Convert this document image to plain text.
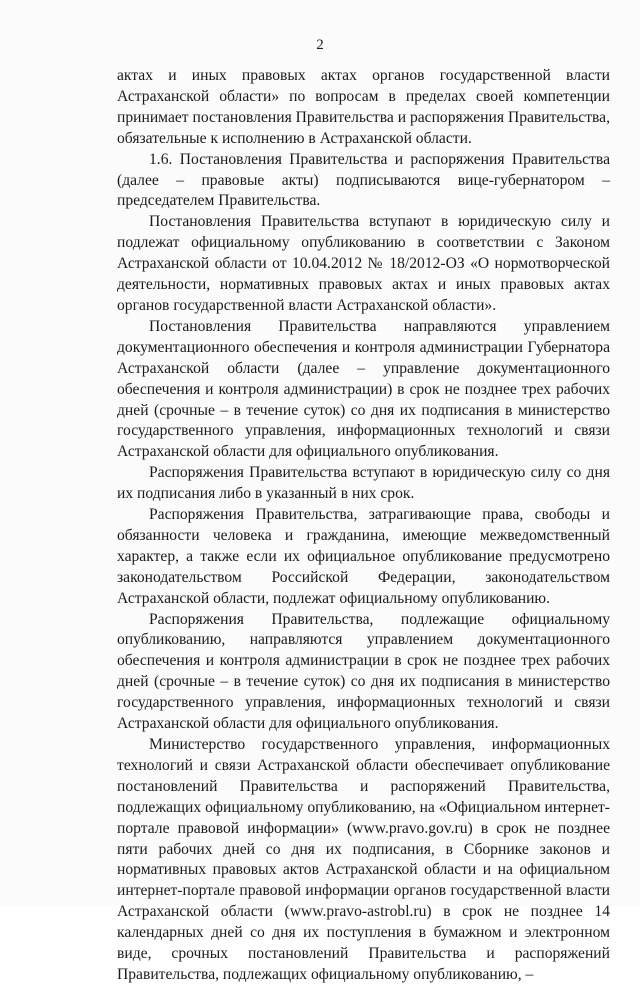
2

актах и иных правовых актах органов государственной власти Астраханской области» по вопросам в пределах своей компетенции принимает постановления Правительства и распоряжения Правительства, обязательные к исполнению в Астраханской области.

1.6. Постановления Правительства и распоряжения Правительства (далее – правовые акты) подписываются вице-губернатором – председателем Правительства.

Постановления Правительства вступают в юридическую силу и подлежат официальному опубликованию в соответствии с Законом Астраханской области от 10.04.2012 № 18/2012-ОЗ «О нормотворческой деятельности, нормативных правовых актах и иных правовых актах органов государственной власти Астраханской области».

Постановления Правительства направляются управлением документационного обеспечения и контроля администрации Губернатора Астраханской области (далее – управление документационного обеспечения и контроля администрации) в срок не позднее трех рабочих дней (срочные – в течение суток) со дня их подписания в министерство государственного управления, информационных технологий и связи Астраханской области для официального опубликования.

Распоряжения Правительства вступают в юридическую силу со дня их подписания либо в указанный в них срок.

Распоряжения Правительства, затрагивающие права, свободы и обязанности человека и гражданина, имеющие межведомственный характер, а также если их официальное опубликование предусмотрено законодательством Российской Федерации, законодательством Астраханской области, подлежат официальному опубликованию.

Распоряжения Правительства, подлежащие официальному опубликованию, направляются управлением документационного обеспечения и контроля администрации в срок не позднее трех рабочих дней (срочные – в течение суток) со дня их подписания в министерство государственного управления, информационных технологий и связи Астраханской области для официального опубликования.

Министерство государственного управления, информационных технологий и связи Астраханской области обеспечивает опубликование постановлений Правительства и распоряжений Правительства, подлежащих официальному опубликованию, на «Официальном интернет-портале правовой информации» (www.pravo.gov.ru) в срок не позднее пяти рабочих дней со дня их подписания, в Сборнике законов и нормативных правовых актов Астраханской области и на официальном интернет-портале правовой информации органов государственной власти Астраханской области (www.pravo-astrobl.ru) в срок не позднее 14 календарных дней со дня их поступления в бумажном и электронном виде, срочных постановлений Правительства и распоряжений Правительства, подлежащих официальному опубликованию, –
